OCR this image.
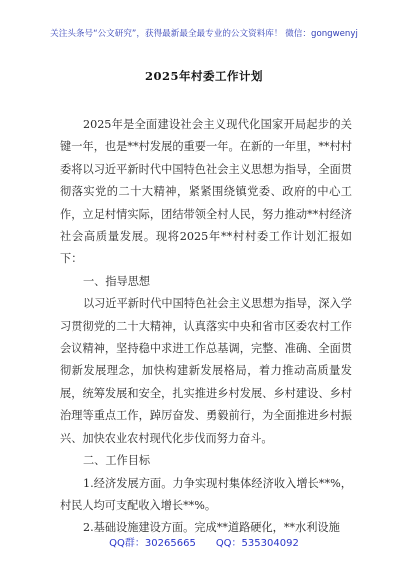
关注头条号“公文研究”，获得最新最全最专业的公文资料库！ 微信：gongwenyj
2025年村委工作计划

2025年是全面建设社会主义现代化国家开局起步的关键一年，也是**村发展的重要一年。在新的一年里，**村村委将以习近平新时代中国特色社会主义思想为指导，全面贯彻落实党的二十大精神，紧紧围绕镇党委、政府的中心工作，立足村情实际，团结带领全村人民，努力推动**村经济社会高质量发展。现将2025年**村村委工作计划汇报如下：

一、指导思想

以习近平新时代中国特色社会主义思想为指导，深入学习贯彻党的二十大精神，认真落实中央和省市区委农村工作会议精神，坚持稳中求进工作总基调，完整、准确、全面贯彻新发展理念，加快构建新发展格局，着力推动高质量发展，统筹发展和安全，扎实推进乡村发展、乡村建设、乡村治理等重点工作，踔厉奋发、勇毅前行，为全面推进乡村振兴、加快农业农村现代化步伐而努力奋斗。

二、工作目标

1.经济发展方面。力争实现村集体经济收入增长**%，村民人均可支配收入增长**%。

2.基础设施建设方面。完成**道路硬化，**水利设施

QQ群：30265665 QQ：535304092
